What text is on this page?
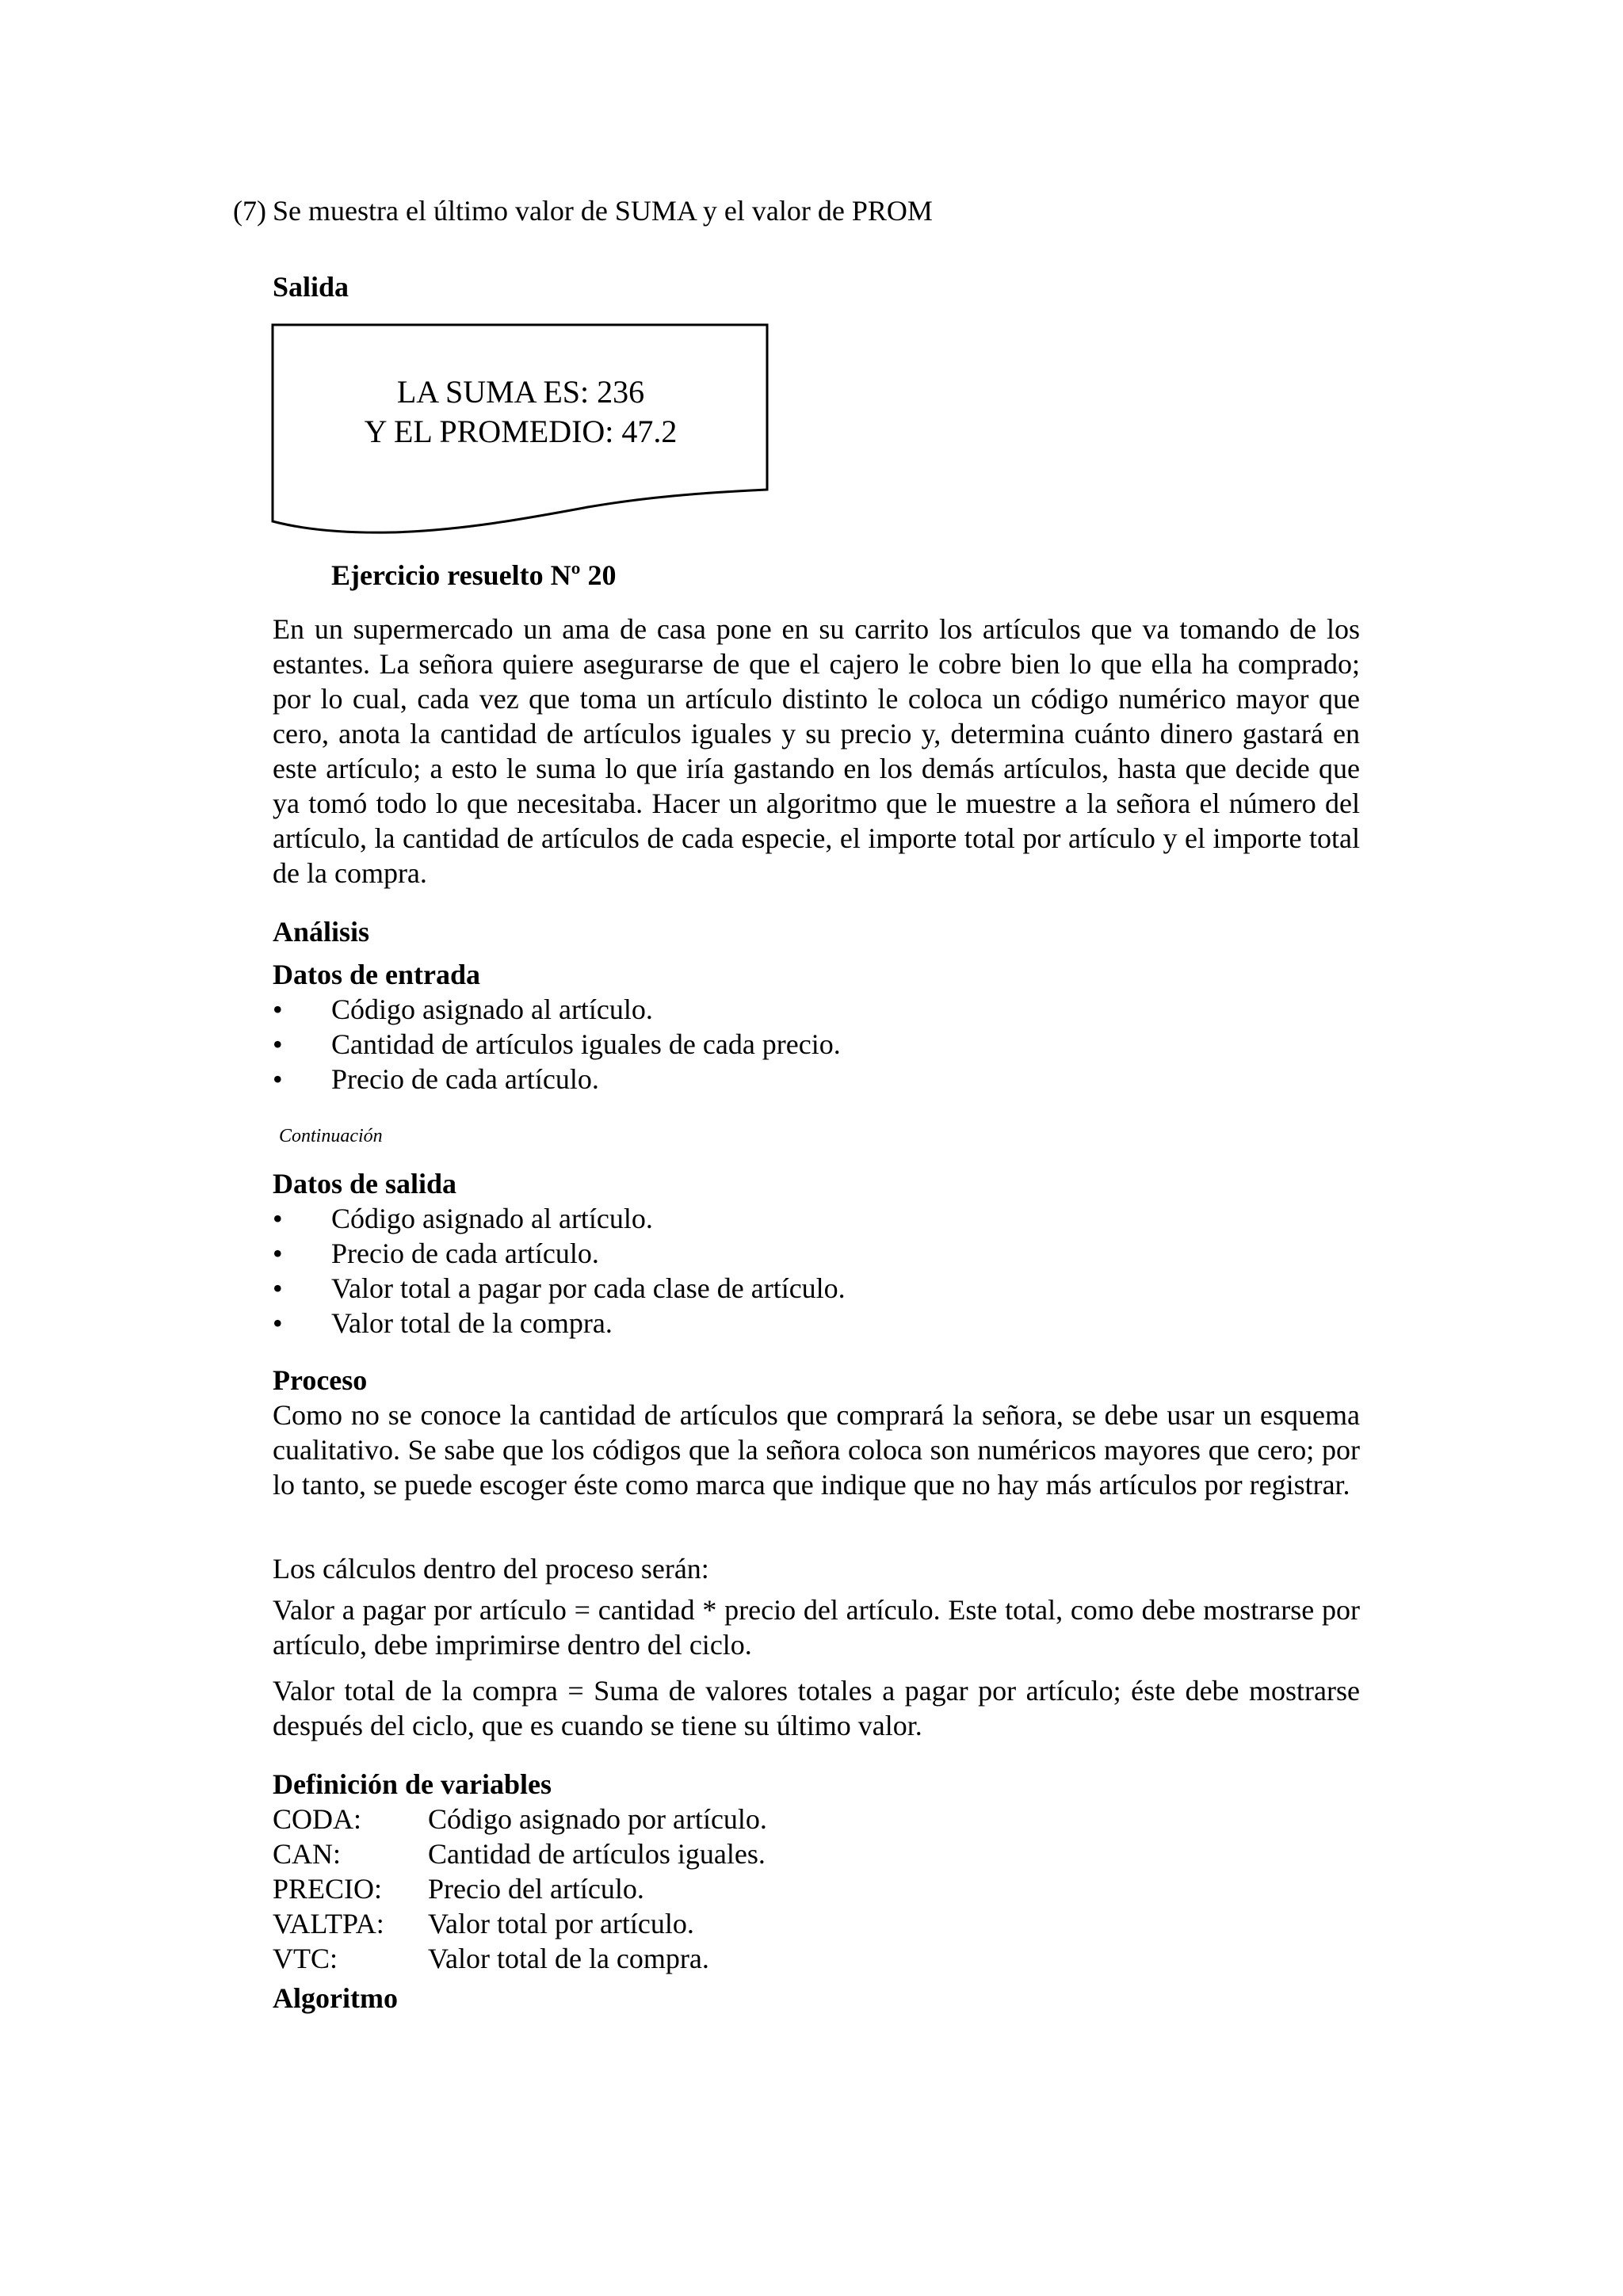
(7) Se muestra el último valor de SUMA y el valor de PROM
Salida
LA SUMA ES: 236
Y EL PROMEDIO: 47.2
Ejercicio resuelto Nº 20

En un supermercado un ama de casa pone en su carrito los artículos que va tomando de los estantes. La señora quiere asegurarse de que el cajero le cobre bien lo que ella ha comprado; por lo cual, cada vez que toma un artículo distinto le coloca un código numérico mayor que cero, anota la cantidad de artículos iguales y su precio y, determina cuánto dinero gastará en este artículo; a esto le suma lo que iría gastando en los demás artículos, hasta que decide que ya tomó todo lo que necesitaba. Hacer un algoritmo que le muestre a la señora el número del artículo, la cantidad de artículos de cada especie, el importe total por artículo y el importe total de la compra.

Análisis
Datos de entrada
• Código asignado al artículo.
• Cantidad de artículos iguales de cada precio.
• Precio de cada artículo.
Continuación
Datos de salida
• Código asignado al artículo.
• Precio de cada artículo.
• Valor total a pagar por cada clase de artículo.
• Valor total de la compra.
Proceso

Como no se conoce la cantidad de artículos que comprará la señora, se debe usar un esquema cualitativo. Se sabe que los códigos que la señora coloca son numéricos mayores que cero; por lo tanto, se puede escoger éste como marca que indique que no hay más artículos por registrar.

Los cálculos dentro del proceso serán:

Valor a pagar por artículo = cantidad * precio del artículo. Este total, como debe mostrarse por artículo, debe imprimirse dentro del ciclo.

Valor total de la compra = Suma de valores totales a pagar por artículo; éste debe mostrarse después del ciclo, que es cuando se tiene su último valor.

Definición de variables
CODA:	Código asignado por artículo.
CAN:	Cantidad de artículos iguales.
PRECIO:	Precio del artículo.
VALTPA:	Valor total por artículo.
VTC:	Valor total de la compra.
Algoritmo
